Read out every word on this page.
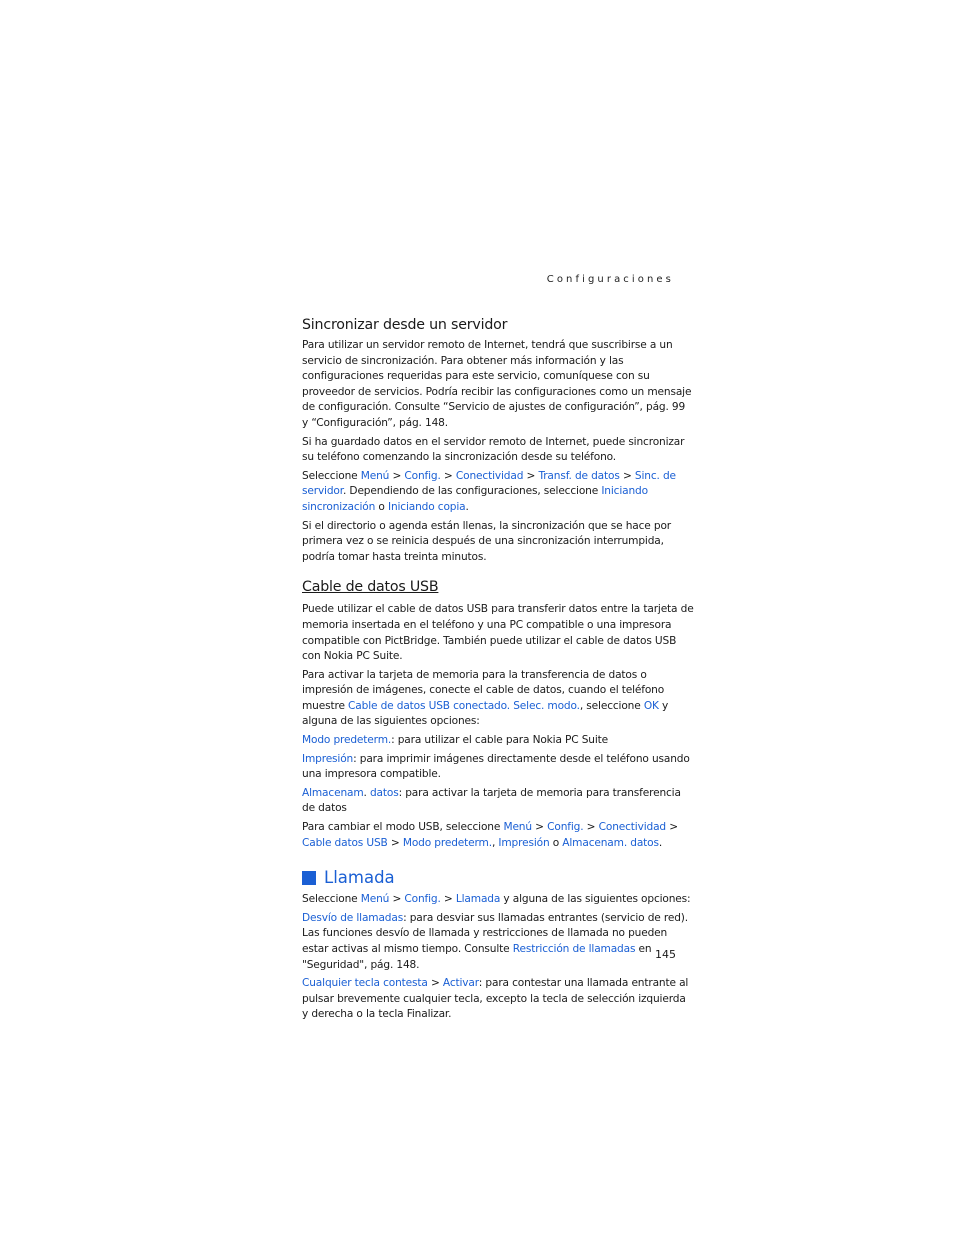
Configuraciones
Sincronizar desde un servidor

Para utilizar un servidor remoto de Internet, tendrá que suscribirse a un servicio de sincronización. Para obtener más información y las configuraciones requeridas para este servicio, comuníquese con su proveedor de servicios. Podría recibir las configuraciones como un mensaje de configuración. Consulte “Servicio de ajustes de configuración”, pág. 99 y “Configuración”, pág. 148.

Si ha guardado datos en el servidor remoto de Internet, puede sincronizar su teléfono comenzando la sincronización desde su teléfono.

Seleccione Menú > Config. > Conectividad > Transf. de datos > Sinc. de servidor. Dependiendo de las configuraciones, seleccione Iniciando sincronización o Iniciando copia.

Si el directorio o agenda están llenas, la sincronización que se hace por primera vez o se reinicia después de una sincronización interrumpida, podría tomar hasta treinta minutos.

Cable de datos USB

Puede utilizar el cable de datos USB para transferir datos entre la tarjeta de memoria insertada en el teléfono y una PC compatible o una impresora compatible con PictBridge. También puede utilizar el cable de datos USB con Nokia PC Suite.

Para activar la tarjeta de memoria para la transferencia de datos o impresión de imágenes, conecte el cable de datos, cuando el teléfono muestre Cable de datos USB conectado. Selec. modo., seleccione OK y alguna de las siguientes opciones:

Modo predeterm.: para utilizar el cable para Nokia PC Suite

Impresión: para imprimir imágenes directamente desde el teléfono usando una impresora compatible.

Almacenam. datos: para activar la tarjeta de memoria para transferencia de datos

Para cambiar el modo USB, seleccione Menú > Config. > Conectividad > Cable datos USB > Modo predeterm., Impresión o Almacenam. datos.

Llamada

Seleccione Menú > Config. > Llamada y alguna de las siguientes opciones:

Desvío de llamadas: para desviar sus llamadas entrantes (servicio de red). Las funciones desvío de llamada y restricciones de llamada no pueden estar activas al mismo tiempo. Consulte Restricción de llamadas en "Seguridad", pág. 148.

Cualquier tecla contesta > Activar: para contestar una llamada entrante al pulsar brevemente cualquier tecla, excepto la tecla de selección izquierda y derecha o la tecla Finalizar.

145
